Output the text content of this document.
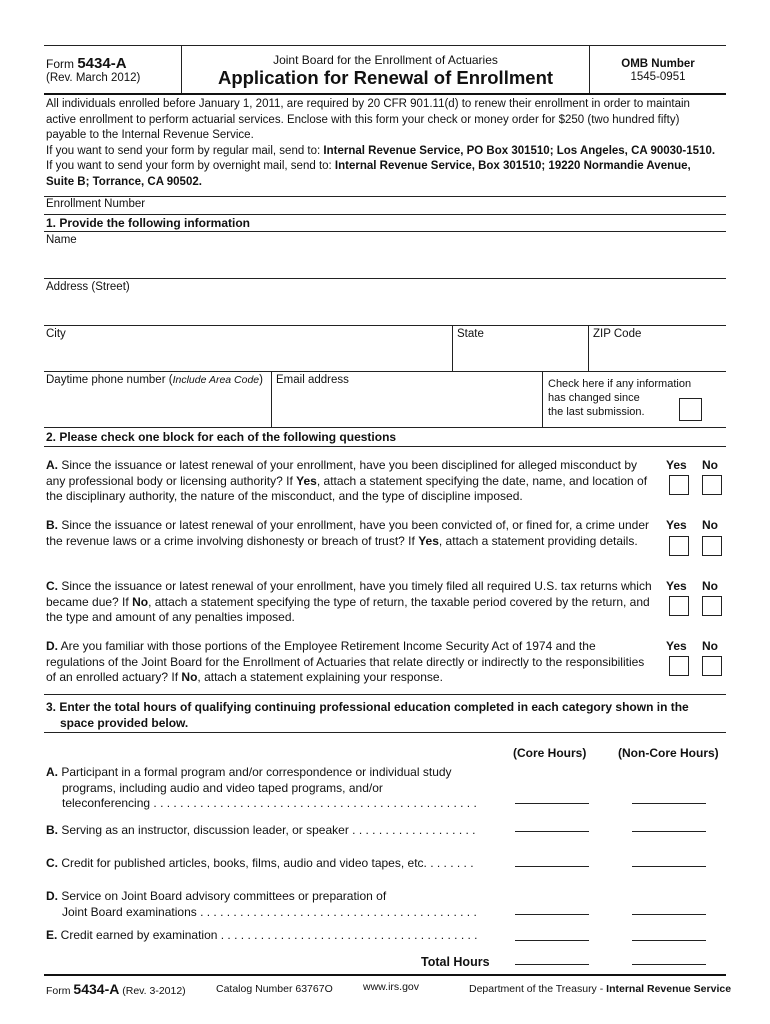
Form 5434-A
(Rev. March 2012)
Joint Board for the Enrollment of Actuaries
Application for Renewal of Enrollment
OMB Number
1545-0951
All individuals enrolled before January 1, 2011, are required by 20 CFR 901.11(d) to renew their enrollment in order to maintain active enrollment to perform actuarial services. Enclose with this form your check or money order for $250 (two hundred fifty) payable to the Internal Revenue Service.
If you want to send your form by regular mail, send to: Internal Revenue Service, PO Box 301510; Los Angeles, CA 90030-1510.
If you want to send your form by overnight mail, send to: Internal Revenue Service, Box 301510; 19220 Normandie Avenue, Suite B; Torrance, CA 90502.
Enrollment Number
1. Provide the following information
Name
Address (Street)
City	State	ZIP Code
Daytime phone number (Include Area Code) Email address	Check here if any information
has changed since
the last submission.
2. Please check one block for each of the following questions
A. Since the issuance or latest renewal of your enrollment, have you been disciplined for alleged misconduct by any professional body or licensing authority? If Yes, attach a statement specifying the date, name, and location of the disciplinary authority, the nature of the misconduct, and the type of discipline imposed.
Yes No
B. Since the issuance or latest renewal of your enrollment, have you been convicted of, or fined for, a crime under the revenue laws or a crime involving dishonesty or breach of trust? If Yes, attach a statement providing details.
Yes No
C. Since the issuance or latest renewal of your enrollment, have you timely filed all required U.S. tax returns which became due? If No, attach a statement specifying the type of return, the taxable period covered by the return, and the type and amount of any penalties imposed.
Yes No
D. Are you familiar with those portions of the Employee Retirement Income Security Act of 1974 and the regulations of the Joint Board for the Enrollment of Actuaries that relate directly or indirectly to the responsibilities of an enrolled actuary? If No, attach a statement explaining your response.
Yes No
3. Enter the total hours of qualifying continuing professional education completed in each category shown in the
space provided below.
(Core Hours)	(Non-Core Hours)
A. Participant in a formal program and/or correspondence or individual study
programs, including audio and video taped programs, and/or
teleconferencing . . . . . . . . . . . . . . . . . . . . . . . . . . . . . . . . . . . . . . . . . . . . . . . . .
B. Serving as an instructor, discussion leader, or speaker . . . . . . . . . . . . . . . . . . .
C. Credit for published articles, books, films, audio and video tapes, etc. . . . . . . .
D. Service on Joint Board advisory committees or preparation of
Joint Board examinations . . . . . . . . . . . . . . . . . . . . . . . . . . . . . . . . . . . . . . . . . .
E. Credit earned by examination . . . . . . . . . . . . . . . . . . . . . . . . . . . . . . . . . . . . . . .
Total Hours
Form 5434-A (Rev. 3-2012)	Catalog Number 63767O	www.irs.gov	Department of the Treasury - Internal Revenue Service
